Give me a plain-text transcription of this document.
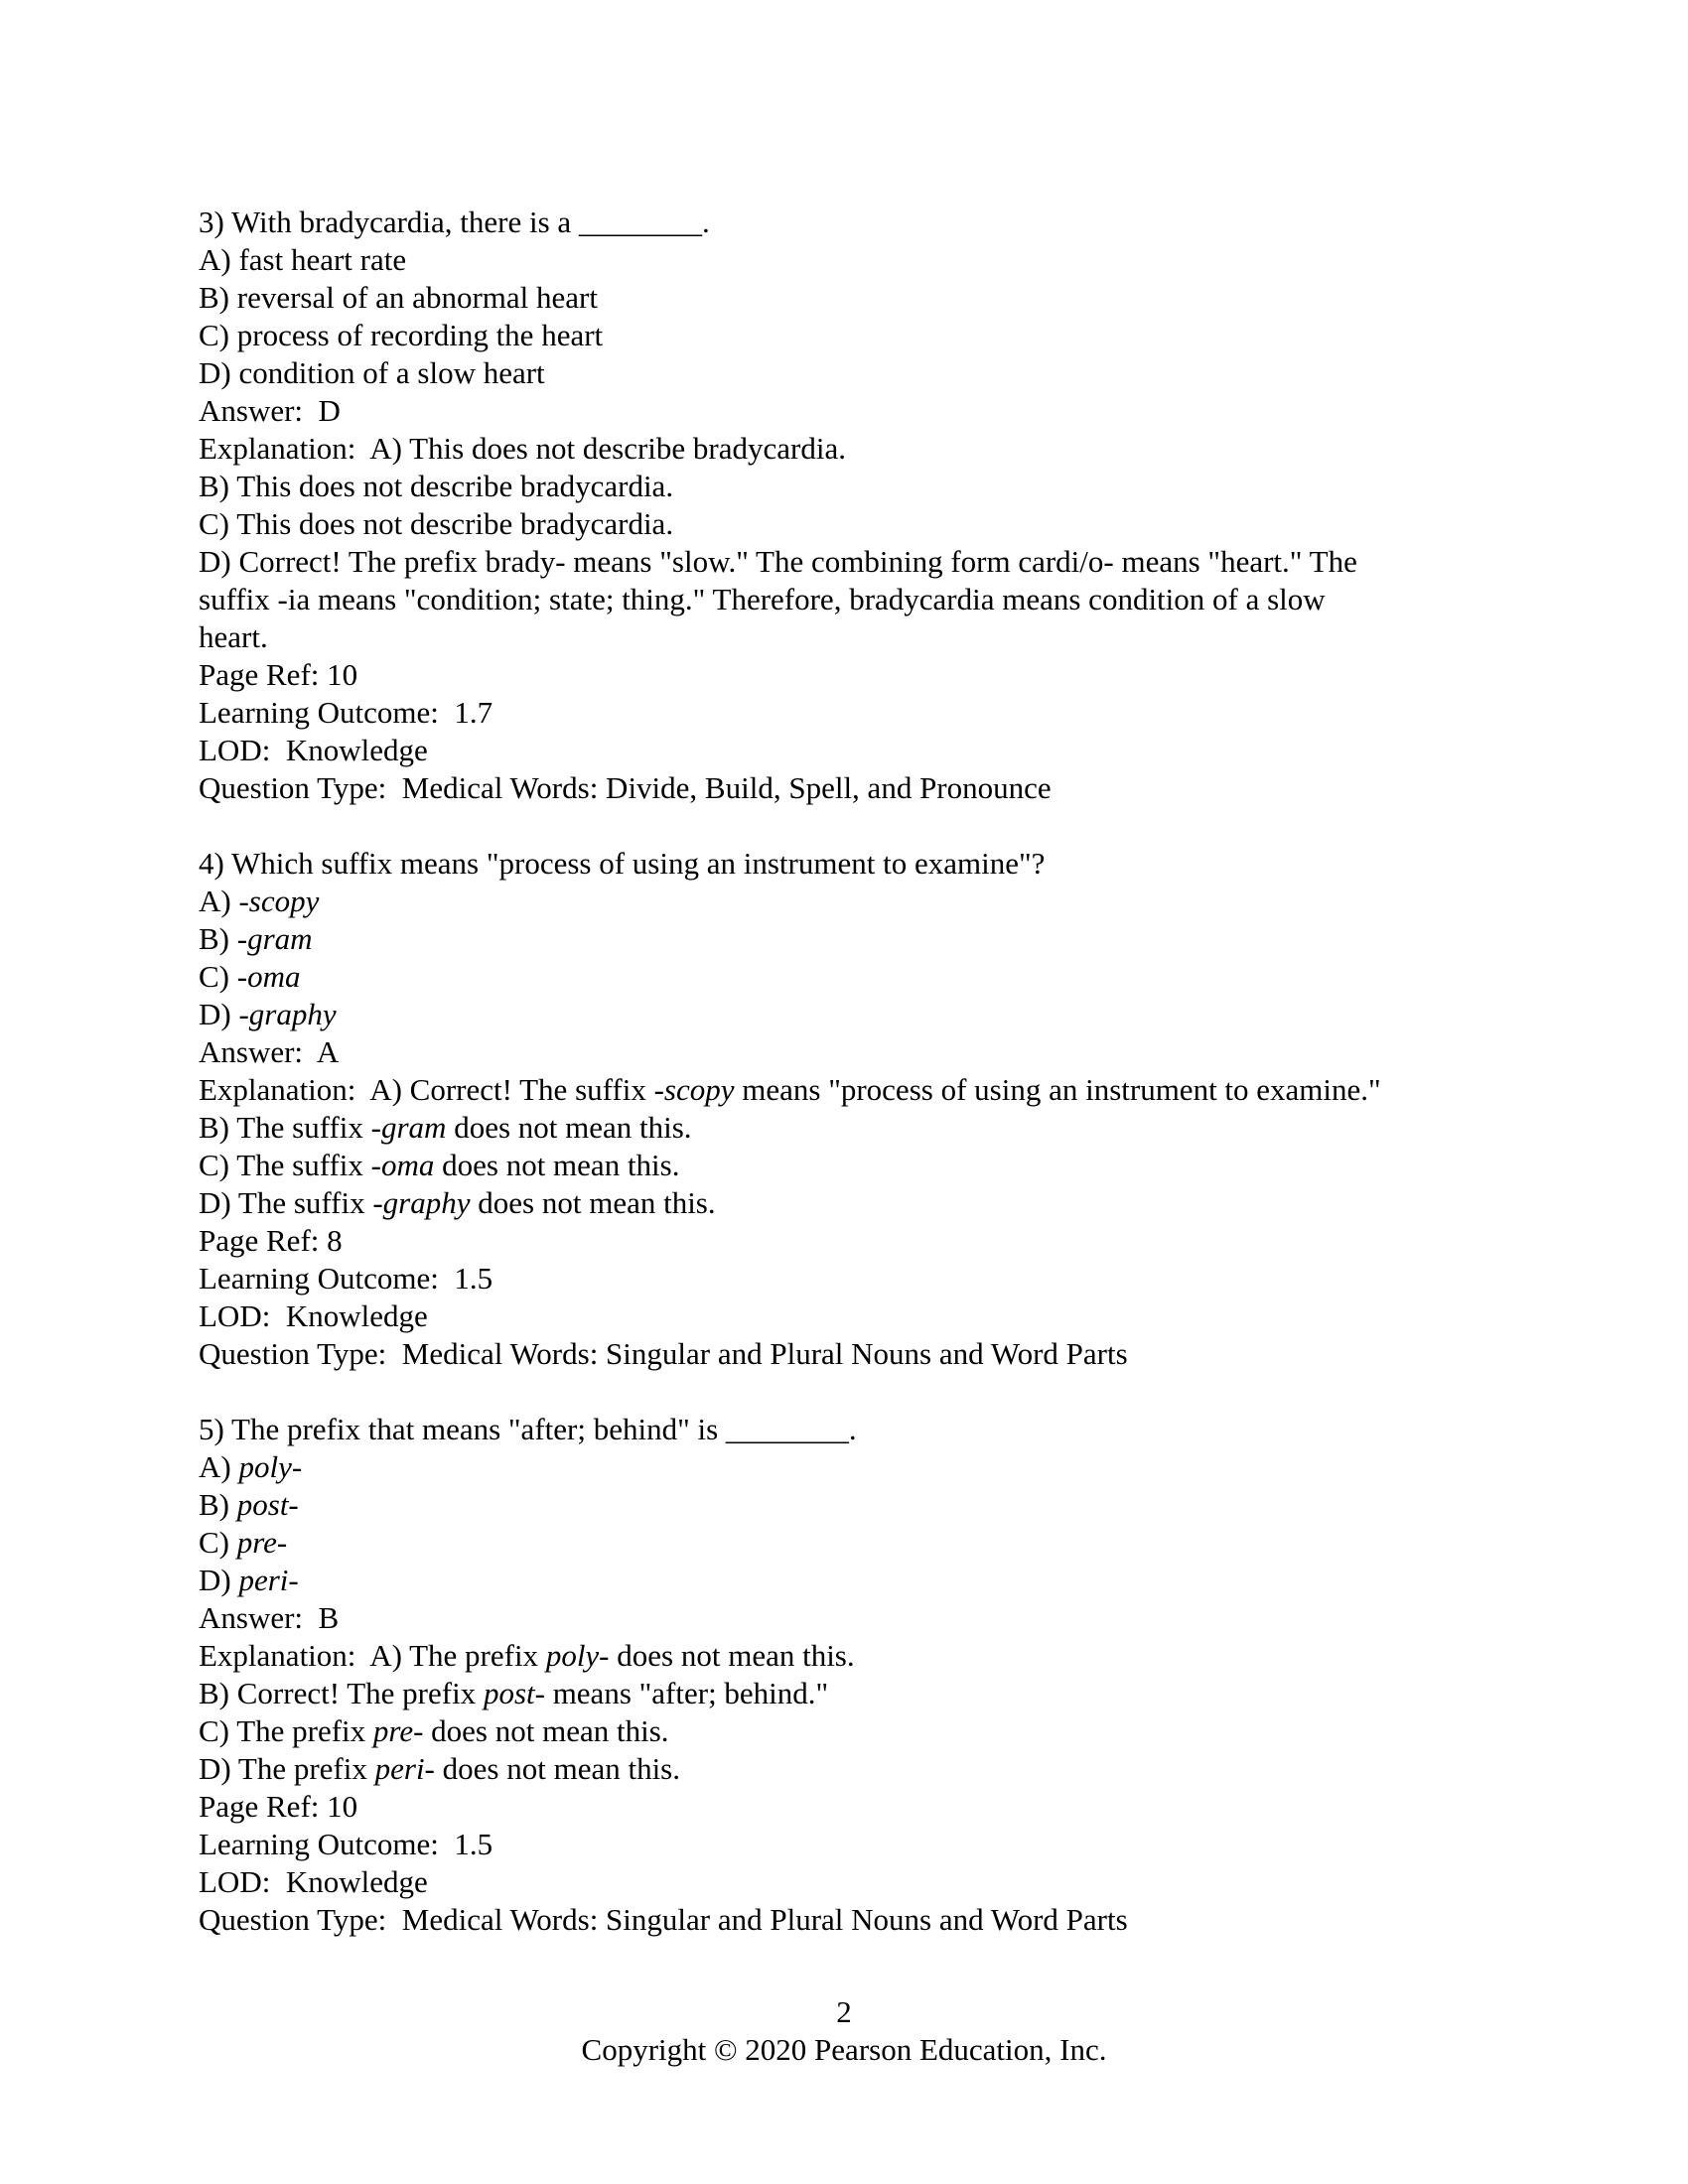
3) With bradycardia, there is a ________.
A) fast heart rate
B) reversal of an abnormal heart
C) process of recording the heart
D) condition of a slow heart
Answer:  D
Explanation:  A) This does not describe bradycardia.
B) This does not describe bradycardia.
C) This does not describe bradycardia.
D) Correct! The prefix brady- means "slow." The combining form cardi/o- means "heart." The
suffix -ia means "condition; state; thing." Therefore, bradycardia means condition of a slow
heart.
Page Ref: 10
Learning Outcome:  1.7
LOD:  Knowledge
Question Type:  Medical Words: Divide, Build, Spell, and Pronounce
4) Which suffix means "process of using an instrument to examine"?
A) -scopy
B) -gram
C) -oma
D) -graphy
Answer:  A
Explanation:  A) Correct! The suffix -scopy means "process of using an instrument to examine."
B) The suffix -gram does not mean this.
C) The suffix -oma does not mean this.
D) The suffix -graphy does not mean this.
Page Ref: 8
Learning Outcome:  1.5
LOD:  Knowledge
Question Type:  Medical Words: Singular and Plural Nouns and Word Parts
5) The prefix that means "after; behind" is ________.
A) poly-
B) post-
C) pre-
D) peri-
Answer:  B
Explanation:  A) The prefix poly- does not mean this.
B) Correct! The prefix post- means "after; behind."
C) The prefix pre- does not mean this.
D) The prefix peri- does not mean this.
Page Ref: 10
Learning Outcome:  1.5
LOD:  Knowledge
Question Type:  Medical Words: Singular and Plural Nouns and Word Parts
2
Copyright © 2020 Pearson Education, Inc.
